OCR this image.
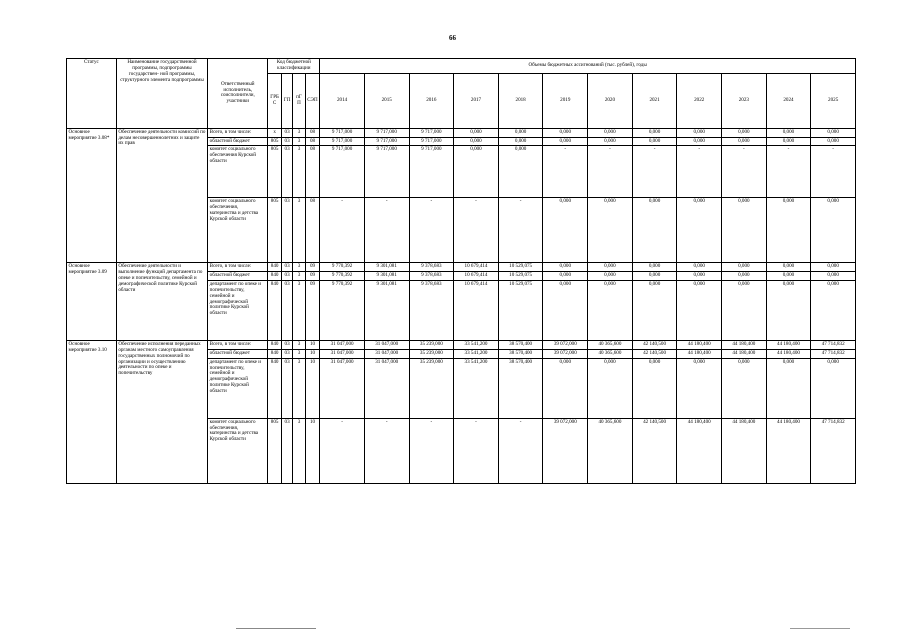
66
Статус	Наименование государственной программы, подпрограммы государствен- ной программы, структурного элемента подпрограммы	Ответственный исполнитель, соисполнители, участники	Код бюджетной классификации				Объемы бюджетных ассигнований (тыс. рублей), годы											
			ГРБС	ГП	пГП	СЭП	2014	2015	2016	2017	2018	2019	2020	2021	2022	2023	2024	2025
Основное мероприятие 3.08*	Обеспечение деятельности комиссий по делам несовершеннолетних и защите их прав	Всего, в том числе:	x	03	3	08	9 717,000	9 717,000	9 717,000	0,000	0,000	0,000	0,000	0,000	0,000	0,000	0,000	0,000
		областной бюджет	805	03	3	08	9 717,000	9 717,000	9 717,000	0,000	0,000	0,000	0,000	0,000	0,000	0,000	0,000	0,000
		комитет социального обеспечения Курской области	805	03	3	08	9 717,000	9 717,000	9 717,000	0,000	0,000	-	-	-	-	-	-	-
		комитет социального обеспечения, материнства и детства Курской области	805	03	3	08	-	-	-	-	-	0,000	0,000	0,000	0,000	0,000	0,000	0,000
Основное мероприятие 3.09	Обеспечение деятельности и выполнение функций департамента по опеке и попечительству, семейной и демографической политике Курской области	Всего, в том числе:	840	03	3	09	9 770,392	9 301,081	9 378,683	10 679,414	10 529,075	0,000	0,000	0,000	0,000	0,000	0,000	0,000
		областной бюджет	840	03	3	09	9 770,392	9 301,081	9 378,683	10 679,414	10 529,075	0,000	0,000	0,000	0,000	0,000	0,000	0,000
		департамент по опеке и попечительству, семейной и демографической политике Курской области	840	03	3	09	9 770,392	9 301,081	9 378,683	10 679,414	10 529,075	0,000	0,000	0,000	0,000	0,000	0,000	0,000
Основное мероприятие 3.10	Обеспечение исполнения переданных органам местного самоуправления государственных полномочий по организации и осуществлению деятельности по опеке и попечительству	Всего, в том числе:	840	03	3	10	31 047,000	31 047,000	35 239,000	33 541,200	38 570,400	39 072,000	40 365,600	42 140,500	44 180,400	44 180,400	44 180,400	47 714,832
		областной бюджет	840	03	3	10	31 047,000	31 047,000	35 239,000	33 541,200	38 570,400	39 072,000	40 365,600	42 140,500	44 180,400	44 180,400	44 180,400	47 714,832
		департамент по опеке и попечительству, семейной и демографической политике Курской области	840	03	3	10	31 047,000	31 047,000	35 239,000	33 541,200	38 570,400	0,000	0,000	0,000	0,000	0,000	0,000	0,000
		комитет социального обеспечения, материнства и детства Курской области	805	03	3	10	-	-	-	-	-	39 072,000	40 365,600	42 140,500	44 180,400	44 180,400	44 180,400	47 714,832
